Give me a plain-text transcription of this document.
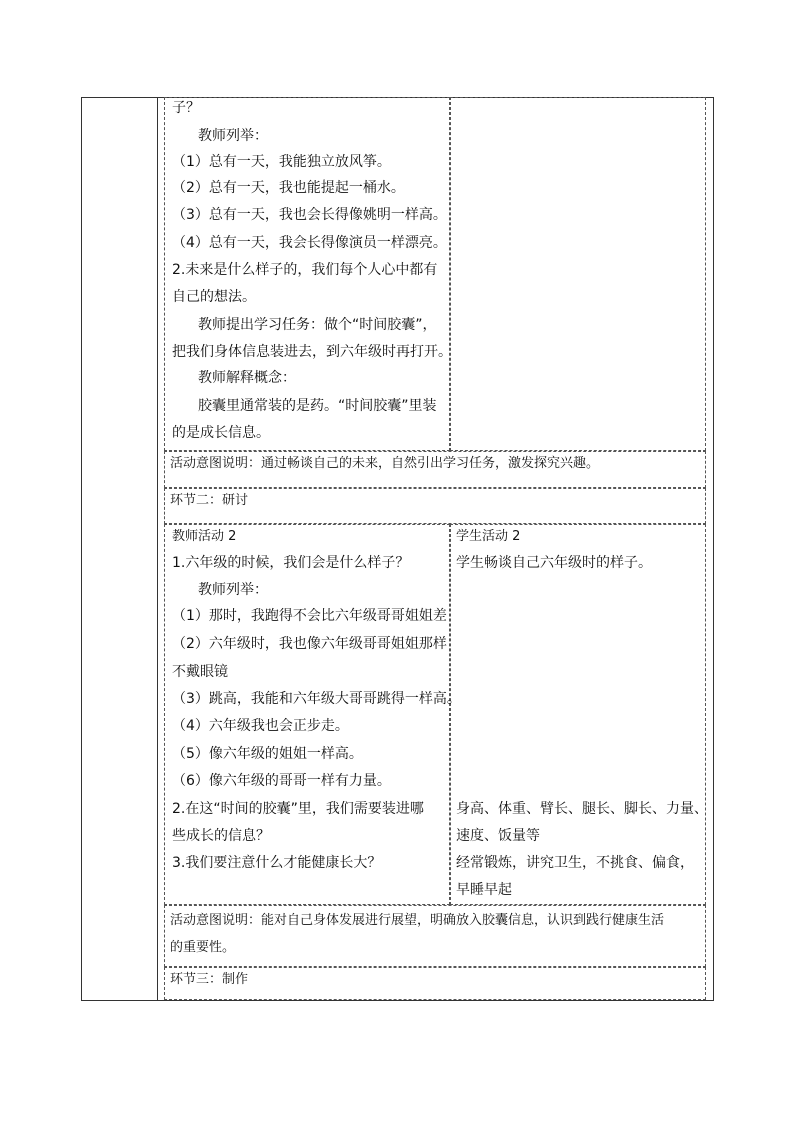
子？
教师列举：
（1）总有一天，我能独立放风筝。
（2）总有一天，我也能提起一桶水。
（3）总有一天，我也会长得像姚明一样高。
（4）总有一天，我会长得像演员一样漂亮。
2.未来是什么样子的，我们每个人心中都有
自己的想法。
教师提出学习任务：做个“时间胶囊”，
把我们身体信息装进去，到六年级时再打开。
教师解释概念：
胶囊里通常装的是药。“时间胶囊”里装
的是成长信息。
活动意图说明：通过畅谈自己的未来，自然引出学习任务，激发探究兴趣。
环节二：研讨
教师活动 2
1.六年级的时候，我们会是什么样子？
教师列举：
（1）那时，我跑得不会比六年级哥哥姐姐差
（2）六年级时，我也像六年级哥哥姐姐那样
不戴眼镜
（3）跳高，我能和六年级大哥哥跳得一样高。
（4）六年级我也会正步走。
（5）像六年级的姐姐一样高。
（6）像六年级的哥哥一样有力量。
2.在这“时间的胶囊”里，我们需要装进哪
些成长的信息？
3.我们要注意什么才能健康长大？
学生活动 2
学生畅谈自己六年级时的样子。
身高、体重、臂长、腿长、脚长、力量、
速度、饭量等
经常锻炼，讲究卫生，不挑食、偏食，
早睡早起
活动意图说明：能对自己身体发展进行展望，明确放入胶囊信息，认识到践行健康生活
的重要性。
环节三：制作
